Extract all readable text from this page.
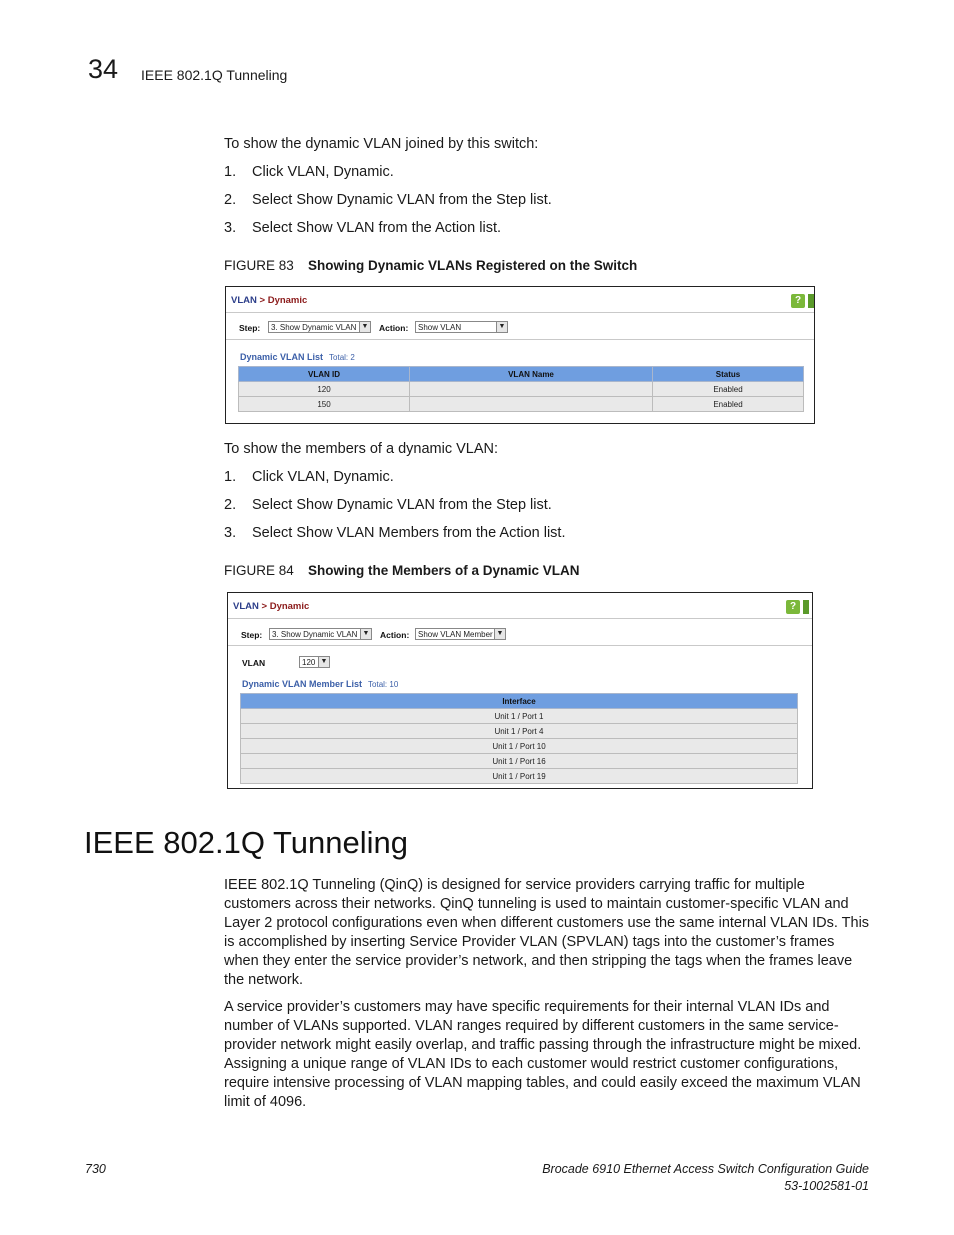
34 IEEE 802.1Q Tunneling
To show the dynamic VLAN joined by this switch:
1. Click VLAN, Dynamic.
2. Select Show Dynamic VLAN from the Step list.
3. Select Show VLAN from the Action list.
FIGURE 83 Showing Dynamic VLANs Registered on the Switch
VLAN > Dynamic	?
Step:	3. Show Dynamic VLAN ▼ Action:	Show VLAN	▼
Dynamic VLAN List Total: 2
VLAN ID	VLAN Name	Status
120		Enabled
150		Enabled
To show the members of a dynamic VLAN:
1. Click VLAN, Dynamic.
2. Select Show Dynamic VLAN from the Step list.
3. Select Show VLAN Members from the Action list.
FIGURE 84 Showing the Members of a Dynamic VLAN
VLAN > Dynamic	?
Step:	3. Show Dynamic VLAN ▼ Action:	Show VLAN Member ▼
VLAN	120 ▼
Dynamic VLAN Member List Total: 10
Interface
Unit 1 / Port 1
Unit 1 / Port 4
Unit 1 / Port 10
Unit 1 / Port 16
Unit 1 / Port 19
IEEE 802.1Q Tunneling
IEEE 802.1Q Tunneling (QinQ) is designed for service providers carrying traffic for multiple customers across their networks. QinQ tunneling is used to maintain customer-specific VLAN and Layer 2 protocol configurations even when different customers use the same internal VLAN IDs. This is accomplished by inserting Service Provider VLAN (SPVLAN) tags into the customer’s frames when they enter the service provider’s network, and then stripping the tags when the frames leave the network.
A service provider’s customers may have specific requirements for their internal VLAN IDs and number of VLANs supported. VLAN ranges required by different customers in the same service-provider network might easily overlap, and traffic passing through the infrastructure might be mixed. Assigning a unique range of VLAN IDs to each customer would restrict customer configurations, require intensive processing of VLAN mapping tables, and could easily exceed the maximum VLAN limit of 4096.
730	Brocade 6910 Ethernet Access Switch Configuration Guide
53-1002581-01
